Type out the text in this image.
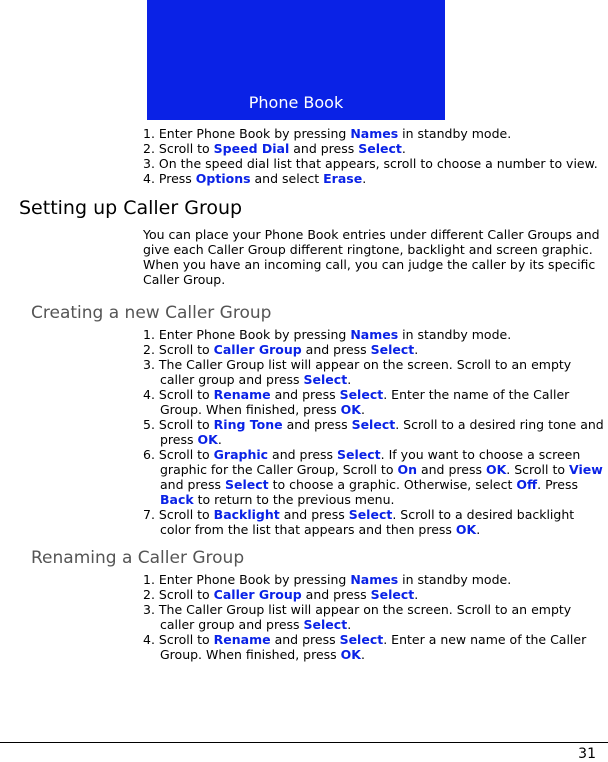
Phone Book
1. Enter Phone Book by pressing Names in standby mode.
2. Scroll to Speed Dial and press Select.
3. On the speed dial list that appears, scroll to choose a number to view.
4. Press Options and select Erase.
Setting up Caller Group
You can place your Phone Book entries under different Caller Groups and give each Caller Group different ringtone, backlight and screen graphic. When you have an incoming call, you can judge the caller by its specific Caller Group.
Creating a new Caller Group
1. Enter Phone Book by pressing Names in standby mode.
2. Scroll to Caller Group and press Select.
3. The Caller Group list will appear on the screen. Scroll to an empty caller group and press Select.
4. Scroll to Rename and press Select. Enter the name of the Caller Group. When finished, press OK.
5. Scroll to Ring Tone and press Select. Scroll to a desired ring tone and press OK.
6. Scroll to Graphic and press Select. If you want to choose a screen graphic for the Caller Group, Scroll to On and press OK. Scroll to View and press Select to choose a graphic. Otherwise, select Off. Press Back to return to the previous menu.
7. Scroll to Backlight and press Select. Scroll to a desired backlight color from the list that appears and then press OK.
Renaming a Caller Group
1. Enter Phone Book by pressing Names in standby mode.
2. Scroll to Caller Group and press Select.
3. The Caller Group list will appear on the screen. Scroll to an empty caller group and press Select.
4. Scroll to Rename and press Select. Enter a new name of the Caller Group. When finished, press OK.
31
